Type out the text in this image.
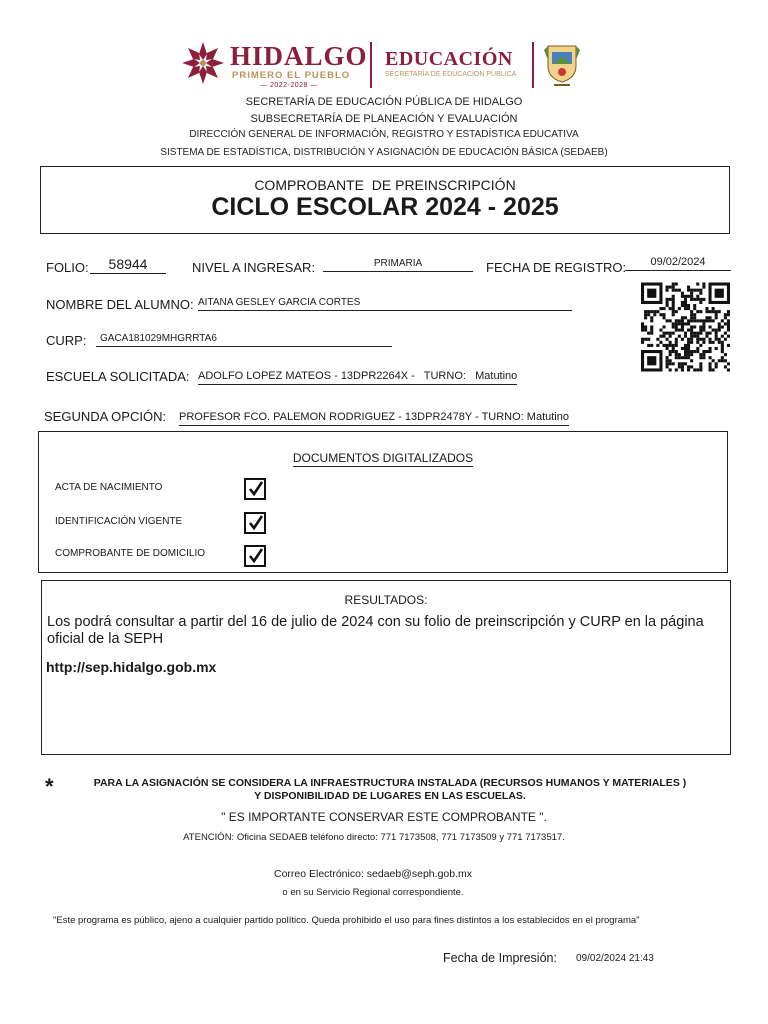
HIDALGO
PRIMERO EL PUEBLO
— 2022-2028 —
EDUCACIÓN
SECRETARÍA DE EDUCACIÓN PÚBLICA
SECRETARÍA DE EDUCACIÓN PÚBLICA DE HIDALGO
SUBSECRETARÍA DE PLANEACIÓN Y EVALUACIÓN
DIRECCIÓN GENERAL DE INFORMACIÓN, REGISTRO Y ESTADÍSTICA EDUCATIVA
SISTEMA DE ESTADÍSTICA, DISTRIBUCIÓN Y ASIGNACIÓN DE EDUCACIÓN BÁSICA (SEDAEB)
COMPROBANTE  DE PREINSCRIPCIÓN
CICLO ESCOLAR 2024 - 2025
FOLIO:	58944	NIVEL A INGRESAR:	PRIMARIA	FECHA DE REGISTRO:	09/02/2024
NOMBRE DEL ALUMNO: AITANA GESLEY GARCIA CORTES
CURP:	GACA181029MHGRRTA6
ESCUELA SOLICITADA: ADOLFO LOPEZ MATEOS - 13DPR2264X -   TURNO:   Matutino
SEGUNDA OPCIÓN: PROFESOR FCO. PALEMON RODRIGUEZ - 13DPR2478Y - TURNO: Matutino
DOCUMENTOS DIGITALIZADOS
ACTA DE NACIMIENTO
IDENTIFICACIÓN VIGENTE
COMPROBANTE DE DOMICILIO
RESULTADOS:
Los podrá consultar a partir del 16 de julio de 2024 con su folio de preinscripción y CURP en la página oficial de la SEPH
http://sep.hidalgo.gob.mx
*	PARA LA ASIGNACIÓN SE CONSIDERA LA INFRAESTRUCTURA INSTALADA (RECURSOS HUMANOS Y MATERIALES ) Y DISPONIBILIDAD DE LUGARES EN LAS ESCUELAS.
" ES IMPORTANTE CONSERVAR ESTE COMPROBANTE ".
ATENCIÓN: Oficina SEDAEB teléfono directo: 771 7173508, 771 7173509 y 771 7173517.
Correo Electrónico: sedaeb@seph.gob.mx
o en su Servicio Regional correspondiente.
"Este programa es público, ajeno a cualquier partido político. Queda prohibido el uso para fines distintos a los establecidos en el programa"
Fecha de Impresión: 09/02/2024 21:43
